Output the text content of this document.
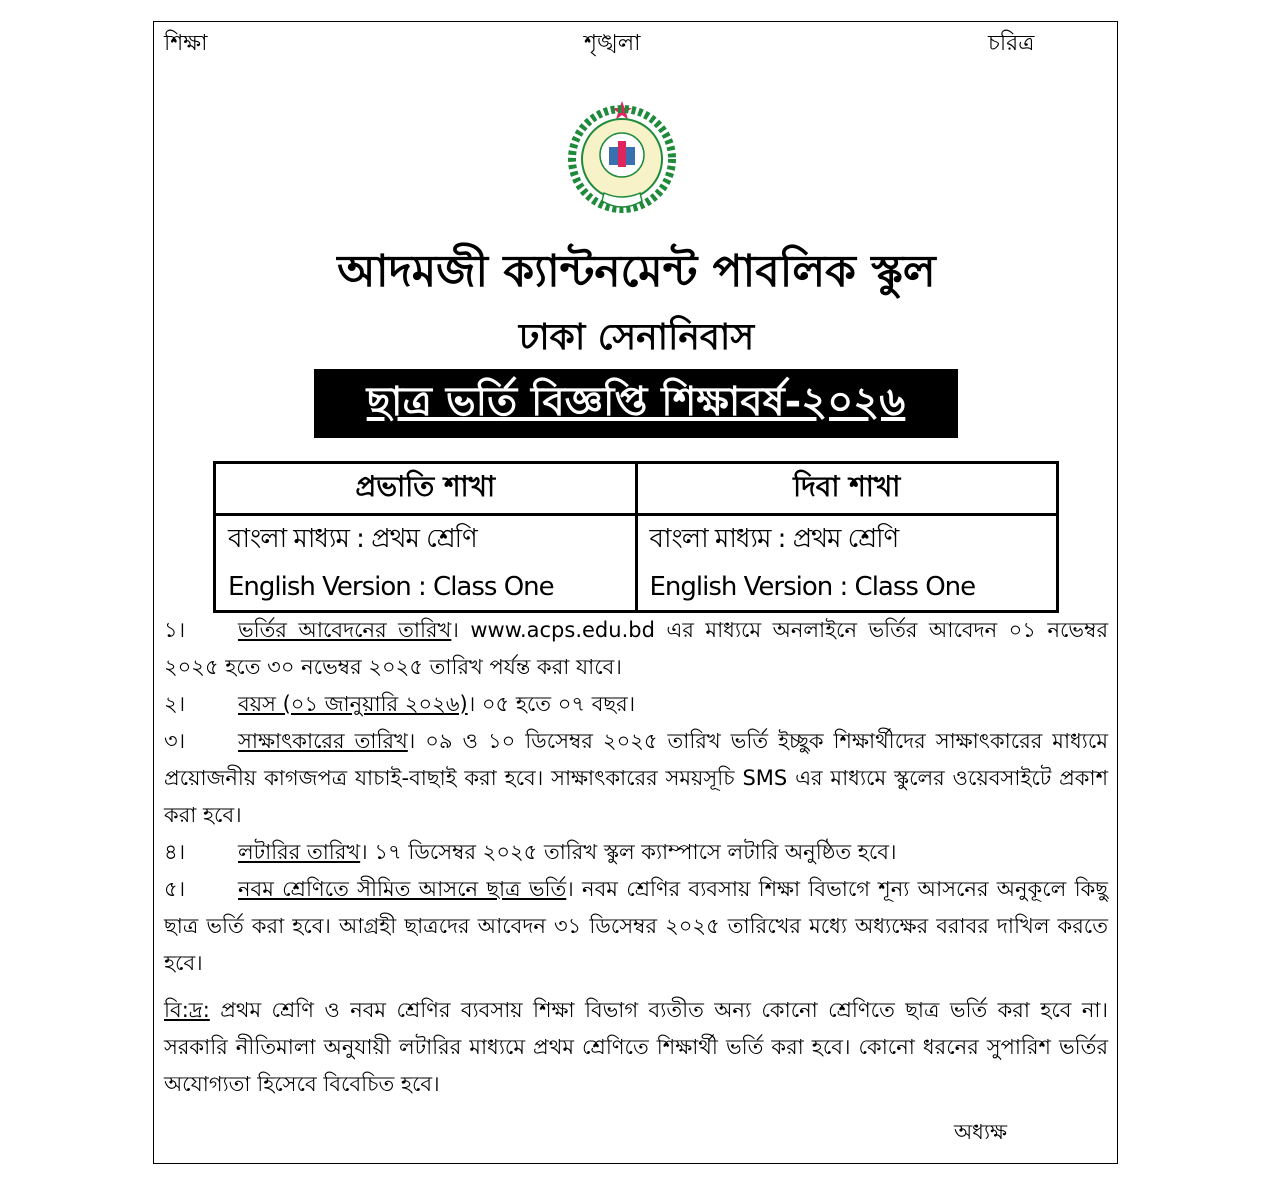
শিক্ষা	শৃঙ্খলা	চরিত্র
আদমজী ক্যান্টনমেন্ট পাবলিক স্কুল
ঢাকা সেনানিবাস
ছাত্র ভর্তি বিজ্ঞপ্তি শিক্ষাবর্ষ-২০২৬
প্রভাতি শাখা	দিবা শাখা
বাংলা মাধ্যম : প্রথম শ্রেণি	বাংলা মাধ্যম : প্রথম শ্রেণি
English Version : Class One	English Version : Class One

১।	ভর্তির আবেদনের তারিখ। www.acps.edu.bd এর মাধ্যমে অনলাইনে ভর্তির আবেদন ০১ নভেম্বর ২০২৫ হতে ৩০ নভেম্বর ২০২৫ তারিখ পর্যন্ত করা যাবে।

২।	বয়স (০১ জানুয়ারি ২০২৬)। ০৫ হতে ০৭ বছর।

৩।	সাক্ষাৎকারের তারিখ। ০৯ ও ১০ ডিসেম্বর ২০২৫ তারিখ ভর্তি ইচ্ছুক শিক্ষার্থীদের সাক্ষাৎকারের মাধ্যমে প্রয়োজনীয় কাগজপত্র যাচাই-বাছাই করা হবে। সাক্ষাৎকারের সময়সূচি SMS এর মাধ্যমে স্কুলের ওয়েবসাইটে প্রকাশ করা হবে।

৪।	লটারির তারিখ। ১৭ ডিসেম্বর ২০২৫ তারিখ স্কুল ক্যাম্পাসে লটারি অনুষ্ঠিত হবে।

৫।	নবম শ্রেণিতে সীমিত আসনে ছাত্র ভর্তি। নবম শ্রেণির ব্যবসায় শিক্ষা বিভাগে শূন্য আসনের অনুকূলে কিছু ছাত্র ভর্তি করা হবে। আগ্রহী ছাত্রদের আবেদন ৩১ ডিসেম্বর ২০২৫ তারিখের মধ্যে অধ্যক্ষের বরাবর দাখিল করতে হবে।

বি:দ্র: প্রথম শ্রেণি ও নবম শ্রেণির ব্যবসায় শিক্ষা বিভাগ ব্যতীত অন্য কোনো শ্রেণিতে ছাত্র ভর্তি করা হবে না। সরকারি নীতিমালা অনুযায়ী লটারির মাধ্যমে প্রথম শ্রেণিতে শিক্ষার্থী ভর্তি করা হবে। কোনো ধরনের সুপারিশ ভর্তির অযোগ্যতা হিসেবে বিবেচিত হবে।

অধ্যক্ষ
